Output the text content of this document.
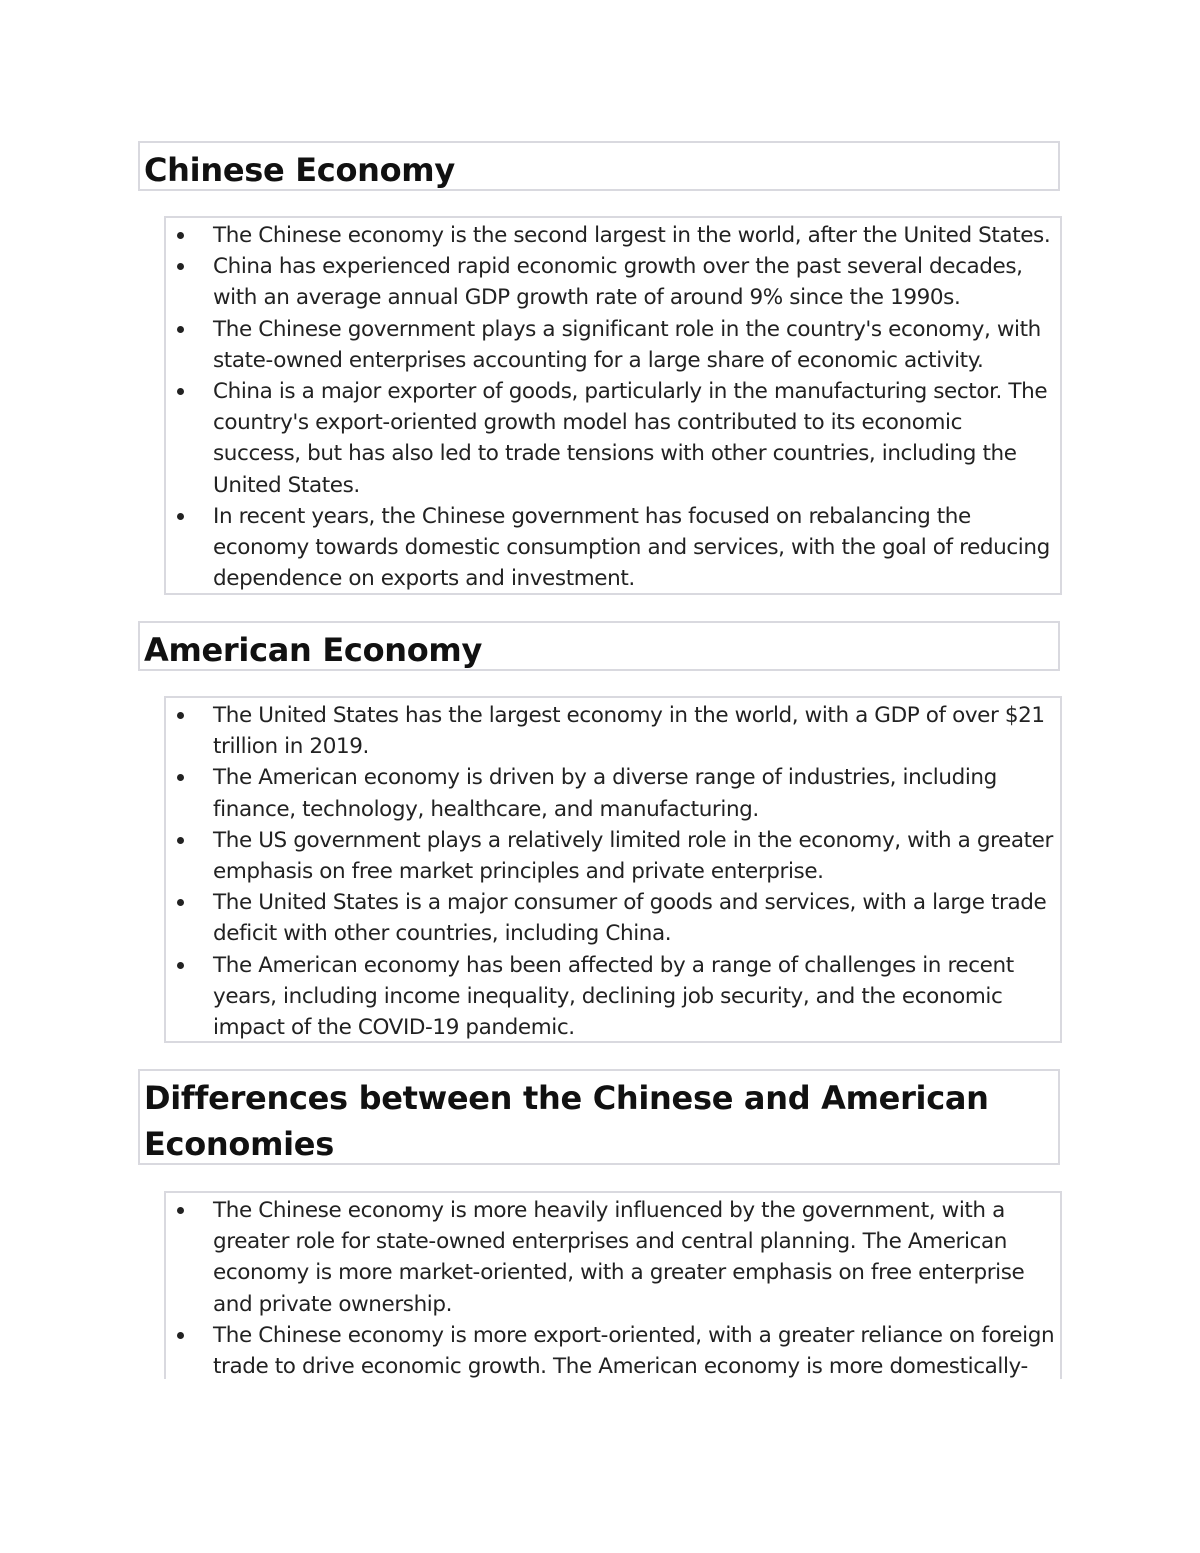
Chinese Economy
The Chinese economy is the second largest in the world, after the United States.
China has experienced rapid economic growth over the past several decades, with an average annual GDP growth rate of around 9% since the 1990s.
The Chinese government plays a significant role in the country's economy, with state-owned enterprises accounting for a large share of economic activity.
China is a major exporter of goods, particularly in the manufacturing sector. The country's export-oriented growth model has contributed to its economic success, but has also led to trade tensions with other countries, including the United States.
In recent years, the Chinese government has focused on rebalancing the economy towards domestic consumption and services, with the goal of reducing dependence on exports and investment.
American Economy
The United States has the largest economy in the world, with a GDP of over $21 trillion in 2019.
The American economy is driven by a diverse range of industries, including finance, technology, healthcare, and manufacturing.
The US government plays a relatively limited role in the economy, with a greater emphasis on free market principles and private enterprise.
The United States is a major consumer of goods and services, with a large trade deficit with other countries, including China.
The American economy has been affected by a range of challenges in recent years, including income inequality, declining job security, and the economic impact of the COVID-19 pandemic.
Differences between the Chinese and American Economies
The Chinese economy is more heavily influenced by the government, with a greater role for state-owned enterprises and central planning. The American economy is more market-oriented, with a greater emphasis on free enterprise and private ownership.
The Chinese economy is more export-oriented, with a greater reliance on foreign trade to drive economic growth. The American economy is more domestically-
